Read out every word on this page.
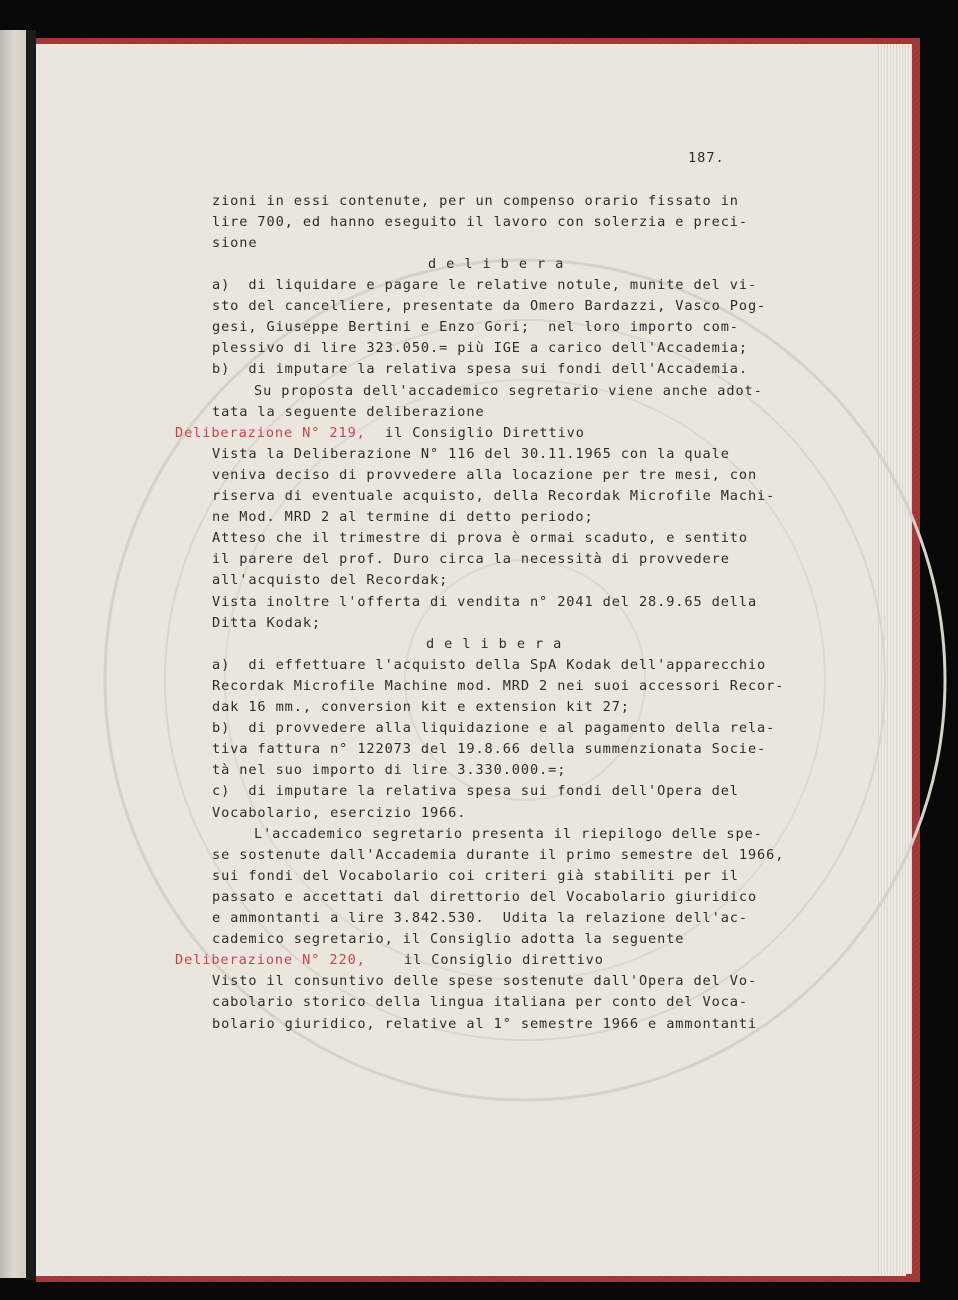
187.

zioni in essi contenute, per un compenso orario fissato in

lire 700, ed hanno eseguito il lavoro con solerzia e preci-

sione

d e l i b e r a

a)  di liquidare e pagare le relative notule, munite del vi-

sto del cancelliere, presentate da Omero Bardazzi, Vasco Pog-

gesi, Giuseppe Bertini e Enzo Gori;  nel loro importo com-

plessivo di lire 323.050.= più IGE a carico dell'Accademia;

b)  di imputare la relativa spesa sui fondi dell'Accademia.

Su proposta dell'accademico segretario viene anche adot-

tata la seguente deliberazione

Deliberazione N° 219,

il Consiglio Direttivo

Vista la Deliberazione N° 116 del 30.11.1965 con la quale

veniva deciso di provvedere alla locazione per tre mesi, con

riserva di eventuale acquisto, della Recordak Microfile Machi-

ne Mod. MRD 2 al termine di detto periodo;

Atteso che il trimestre di prova è ormai scaduto, e sentito

il parere del prof. Duro circa la necessità di provvedere

all'acquisto del Recordak;

Vista inoltre l'offerta di vendita n° 2041 del 28.9.65 della

Ditta Kodak;

d e l i b e r a

a)  di effettuare l'acquisto della SpA Kodak dell'apparecchio

Recordak Microfile Machine mod. MRD 2 nei suoi accessori Recor-

dak 16 mm., conversion kit e extension kit 27;

b)  di provvedere alla liquidazione e al pagamento della rela-

tiva fattura n° 122073 del 19.8.66 della summenzionata Socie-

tà nel suo importo di lire 3.330.000.=;

c)  di imputare la relativa spesa sui fondi dell'Opera del

Vocabolario, esercizio 1966.

L'accademico segretario presenta il riepilogo delle spe-

se sostenute dall'Accademia durante il primo semestre del 1966,

sui fondi del Vocabolario coi criteri già stabiliti per il

passato e accettati dal direttorio del Vocabolario giuridico

e ammontanti a lire 3.842.530.  Udita la relazione dell'ac-

cademico segretario, il Consiglio adotta la seguente

Deliberazione N° 220,

	il Consiglio direttivo

Visto il consuntivo delle spese sostenute dall'Opera del Vo-

cabolario storico della lingua italiana per conto del Voca-

bolario giuridico, relative al 1° semestre 1966 e ammontanti
